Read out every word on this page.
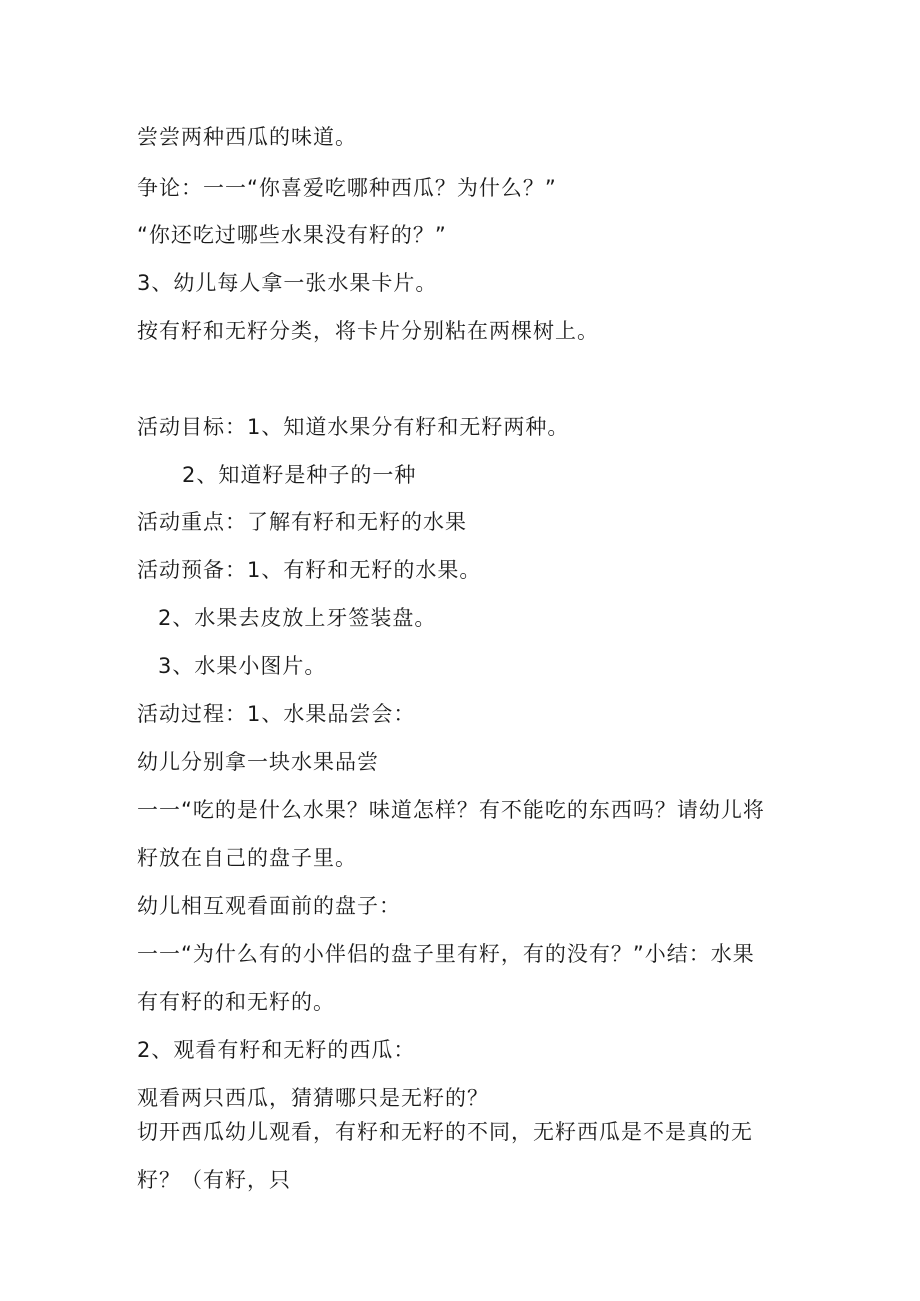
尝尝两种西瓜的味道。
争论：一一“你喜爱吃哪种西瓜？为什么？”
“你还吃过哪些水果没有籽的？”
3、幼儿每人拿一张水果卡片。
按有籽和无籽分类，将卡片分别粘在两棵树上。
活动目标：1、知道水果分有籽和无籽两种。
2、知道籽是种子的一种
活动重点：了解有籽和无籽的水果
活动预备：1、有籽和无籽的水果。
2、水果去皮放上牙签装盘。
3、水果小图片。
活动过程：1、水果品尝会：
幼儿分别拿一块水果品尝
一一“吃的是什么水果？味道怎样？有不能吃的东西吗？请幼儿将
籽放在自己的盘子里。
幼儿相互观看面前的盘子：
一一“为什么有的小伴侣的盘子里有籽，有的没有？”小结：水果
有有籽的和无籽的。
2、观看有籽和无籽的西瓜：
观看两只西瓜，猜猜哪只是无籽的？
切开西瓜幼儿观看，有籽和无籽的不同，无籽西瓜是不是真的无
籽？（有籽，只
